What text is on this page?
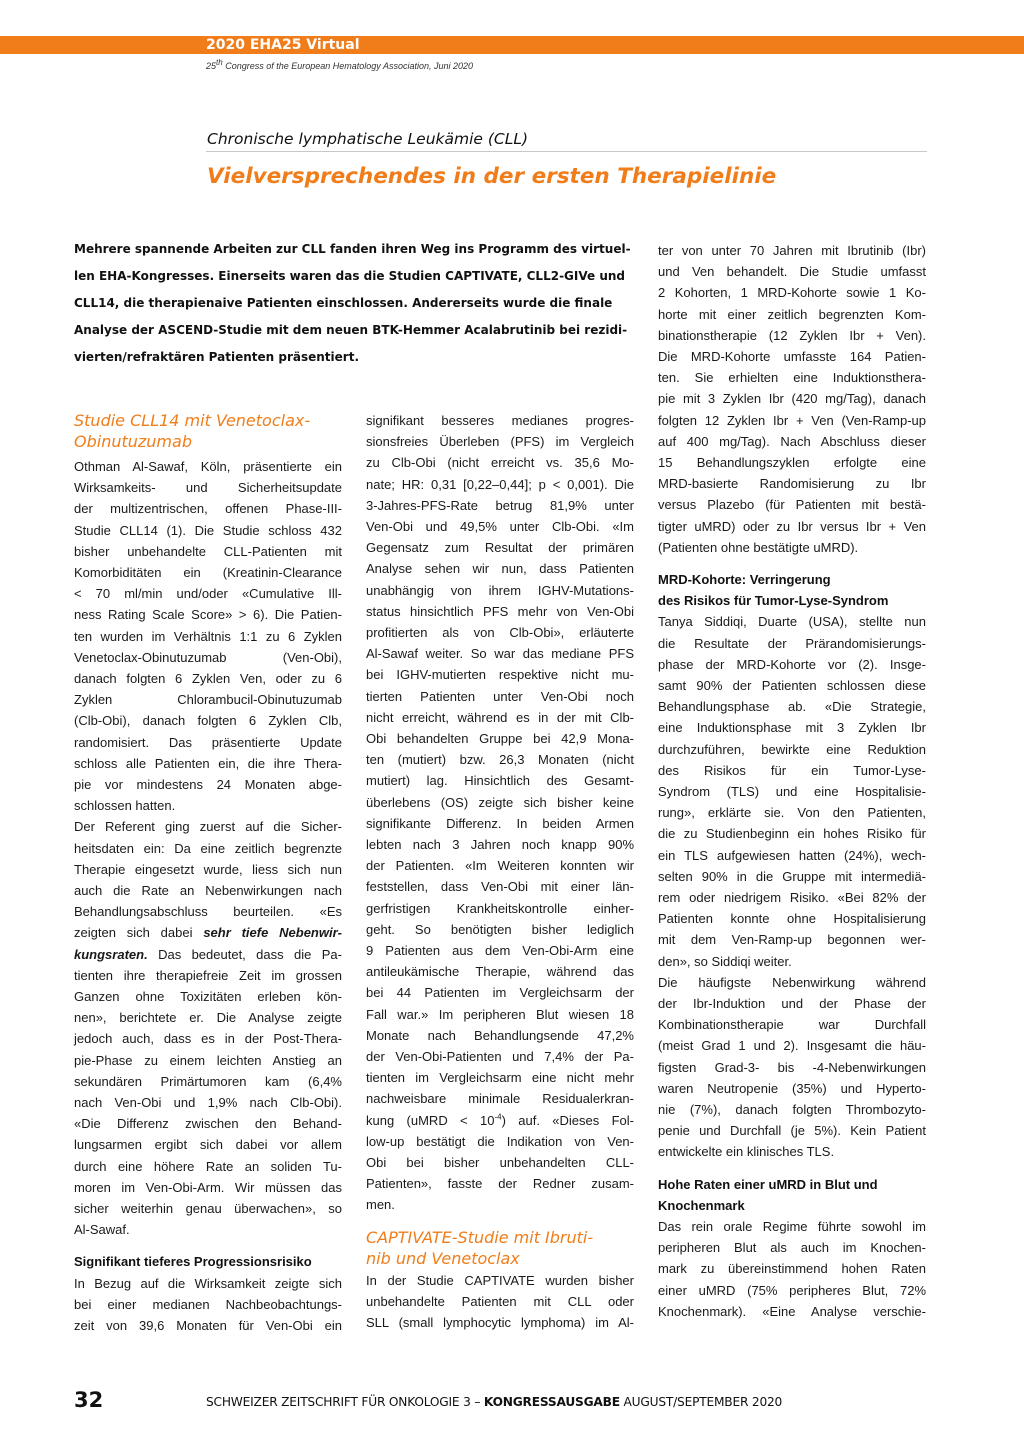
2020 EHA25 Virtual
25th Congress of the European Hematology Association, Juni 2020
Chronische lymphatische Leukämie (CLL)
Vielversprechendes in der ersten Therapielinie
Mehrere spannende Arbeiten zur CLL fanden ihren Weg ins Programm des virtuel-
len EHA-Kongresses. Einerseits waren das die Studien CAPTIVATE, CLL2-GIVe und
CLL14, die therapienaive Patienten einschlossen. Andererseits wurde die finale
Analyse der ASCEND-Studie mit dem neuen BTK-Hemmer Acalabrutinib bei rezidi-
vierten/refraktären Patienten präsentiert.
Studie CLL14 mit Venetoclax-
Obinutuzumab
Othman Al-Sawaf, Köln, präsentierte ein
Wirksamkeits- und Sicherheitsupdate
der multizentrischen, offenen Phase-III-
Studie CLL14 (1). Die Studie schloss 432
bisher unbehandelte CLL-Patienten mit
Komorbiditäten ein (Kreatinin-Clearance
< 70 ml/min und/oder «Cumulative Ill-
ness Rating Scale Score» > 6). Die Patien-
ten wurden im Verhältnis 1:1 zu 6 Zyklen
Venetoclax-Obinutuzumab (Ven-Obi),
danach folgten 6 Zyklen Ven, oder zu 6
Zyklen Chlorambucil-Obinutuzumab
(Clb-Obi), danach folgten 6 Zyklen Clb,
randomisiert. Das präsentierte Update
schloss alle Patienten ein, die ihre Thera-
pie vor mindestens 24 Monaten abge-
schlossen hatten.
Der Referent ging zuerst auf die Sicher-
heitsdaten ein: Da eine zeitlich begrenzte
Therapie eingesetzt wurde, liess sich nun
auch die Rate an Nebenwirkungen nach
Behandlungsabschluss beurteilen. «Es
zeigten sich dabei sehr tiefe Nebenwir-
kungsraten. Das bedeutet, dass die Pa-
tienten ihre therapiefreie Zeit im grossen
Ganzen ohne Toxizitäten erleben kön-
nen», berichtete er. Die Analyse zeigte
jedoch auch, dass es in der Post-Thera-
pie-Phase zu einem leichten Anstieg an
sekundären Primärtumoren kam (6,4%
nach Ven-Obi und 1,9% nach Clb-Obi).
«Die Differenz zwischen den Behand-
lungsarmen ergibt sich dabei vor allem
durch eine höhere Rate an soliden Tu-
moren im Ven-Obi-Arm. Wir müssen das
sicher weiterhin genau überwachen», so
Al-Sawaf.
Signifikant tieferes Progressionsrisiko
In Bezug auf die Wirksamkeit zeigte sich
bei einer medianen Nachbeobachtungs-
zeit von 39,6 Monaten für Ven-Obi ein
signifikant besseres medianes progres-
sionsfreies Überleben (PFS) im Vergleich
zu Clb-Obi (nicht erreicht vs. 35,6 Mo-
nate; HR: 0,31 [0,22–0,44]; p < 0,001). Die
3-Jahres-PFS-Rate betrug 81,9% unter
Ven-Obi und 49,5% unter Clb-Obi. «Im
Gegensatz zum Resultat der primären
Analyse sehen wir nun, dass Patienten
unabhängig von ihrem IGHV-Mutations-
status hinsichtlich PFS mehr von Ven-Obi
profitierten als von Clb-Obi», erläuterte
Al-Sawaf weiter. So war das mediane PFS
bei IGHV-mutierten respektive nicht mu-
tierten Patienten unter Ven-Obi noch
nicht erreicht, während es in der mit Clb-
Obi behandelten Gruppe bei 42,9 Mona-
ten (mutiert) bzw. 26,3 Monaten (nicht
mutiert) lag. Hinsichtlich des Gesamt-
überlebens (OS) zeigte sich bisher keine
signifikante Differenz. In beiden Armen
lebten nach 3 Jahren noch knapp 90%
der Patienten. «Im Weiteren konnten wir
feststellen, dass Ven-Obi mit einer län-
gerfristigen Krankheitskontrolle einher-
geht. So benötigten bisher lediglich
9 Patienten aus dem Ven-Obi-Arm eine
antileukämische Therapie, während das
bei 44 Patienten im Vergleichsarm der
Fall war.» Im peripheren Blut wiesen 18
Monate nach Behandlungsende 47,2%
der Ven-Obi-Patienten und 7,4% der Pa-
tienten im Vergleichsarm eine nicht mehr
nachweisbare minimale Residualerkran-
kung (uMRD < $10^{-4}$) auf. «Dieses Fol-
low-up bestätigt die Indikation von Ven-
Obi bei bisher unbehandelten CLL-
Patienten», fasste der Redner zusam-
men.
CAPTIVATE-Studie mit Ibruti-
nib und Venetoclax
In der Studie CAPTIVATE wurden bisher
unbehandelte Patienten mit CLL oder
SLL (small lymphocytic lymphoma) im Al-
ter von unter 70 Jahren mit Ibrutinib (Ibr)
und Ven behandelt. Die Studie umfasst
2 Kohorten, 1 MRD-Kohorte sowie 1 Ko-
horte mit einer zeitlich begrenzten Kom-
binationstherapie (12 Zyklen Ibr + Ven).
Die MRD-Kohorte umfasste 164 Patien-
ten. Sie erhielten eine Induktionsthera-
pie mit 3 Zyklen Ibr (420 mg/Tag), danach
folgten 12 Zyklen Ibr + Ven (Ven-Ramp-up
auf 400 mg/Tag). Nach Abschluss dieser
15 Behandlungszyklen erfolgte eine
MRD-basierte Randomisierung zu Ibr
versus Plazebo (für Patienten mit bestä-
tigter uMRD) oder zu Ibr versus Ibr + Ven
(Patienten ohne bestätigte uMRD).
MRD-Kohorte: Verringerung
des Risikos für Tumor-Lyse-Syndrom
Tanya Siddiqi, Duarte (USA), stellte nun
die Resultate der Prärandomisierungs-
phase der MRD-Kohorte vor (2). Insge-
samt 90% der Patienten schlossen diese
Behandlungsphase ab. «Die Strategie,
eine Induktionsphase mit 3 Zyklen Ibr
durchzuführen, bewirkte eine Reduktion
des Risikos für ein Tumor-Lyse-
Syndrom (TLS) und eine Hospitalisie-
rung», erklärte sie. Von den Patienten,
die zu Studienbeginn ein hohes Risiko für
ein TLS aufgewiesen hatten (24%), wech-
selten 90% in die Gruppe mit intermediä-
rem oder niedrigem Risiko. «Bei 82% der
Patienten konnte ohne Hospitalisierung
mit dem Ven-Ramp-up begonnen wer-
den», so Siddiqi weiter.
Die häufigste Nebenwirkung während
der Ibr-Induktion und der Phase der
Kombinationstherapie war Durchfall
(meist Grad 1 und 2). Insgesamt die häu-
figsten Grad-3- bis -4-Nebenwirkungen
waren Neutropenie (35%) und Hyperto-
nie (7%), danach folgten Thrombozyto-
penie und Durchfall (je 5%). Kein Patient
entwickelte ein klinisches TLS.
Hohe Raten einer uMRD in Blut und
Knochenmark
Das rein orale Regime führte sowohl im
peripheren Blut als auch im Knochen-
mark zu übereinstimmend hohen Raten
einer uMRD (75% peripheres Blut, 72%
Knochenmark). «Eine Analyse verschie-
32	SCHWEIZER ZEITSCHRIFT FÜR ONKOLOGIE 3 – KONGRESSAUSGABE AUGUST/SEPTEMBER 2020
